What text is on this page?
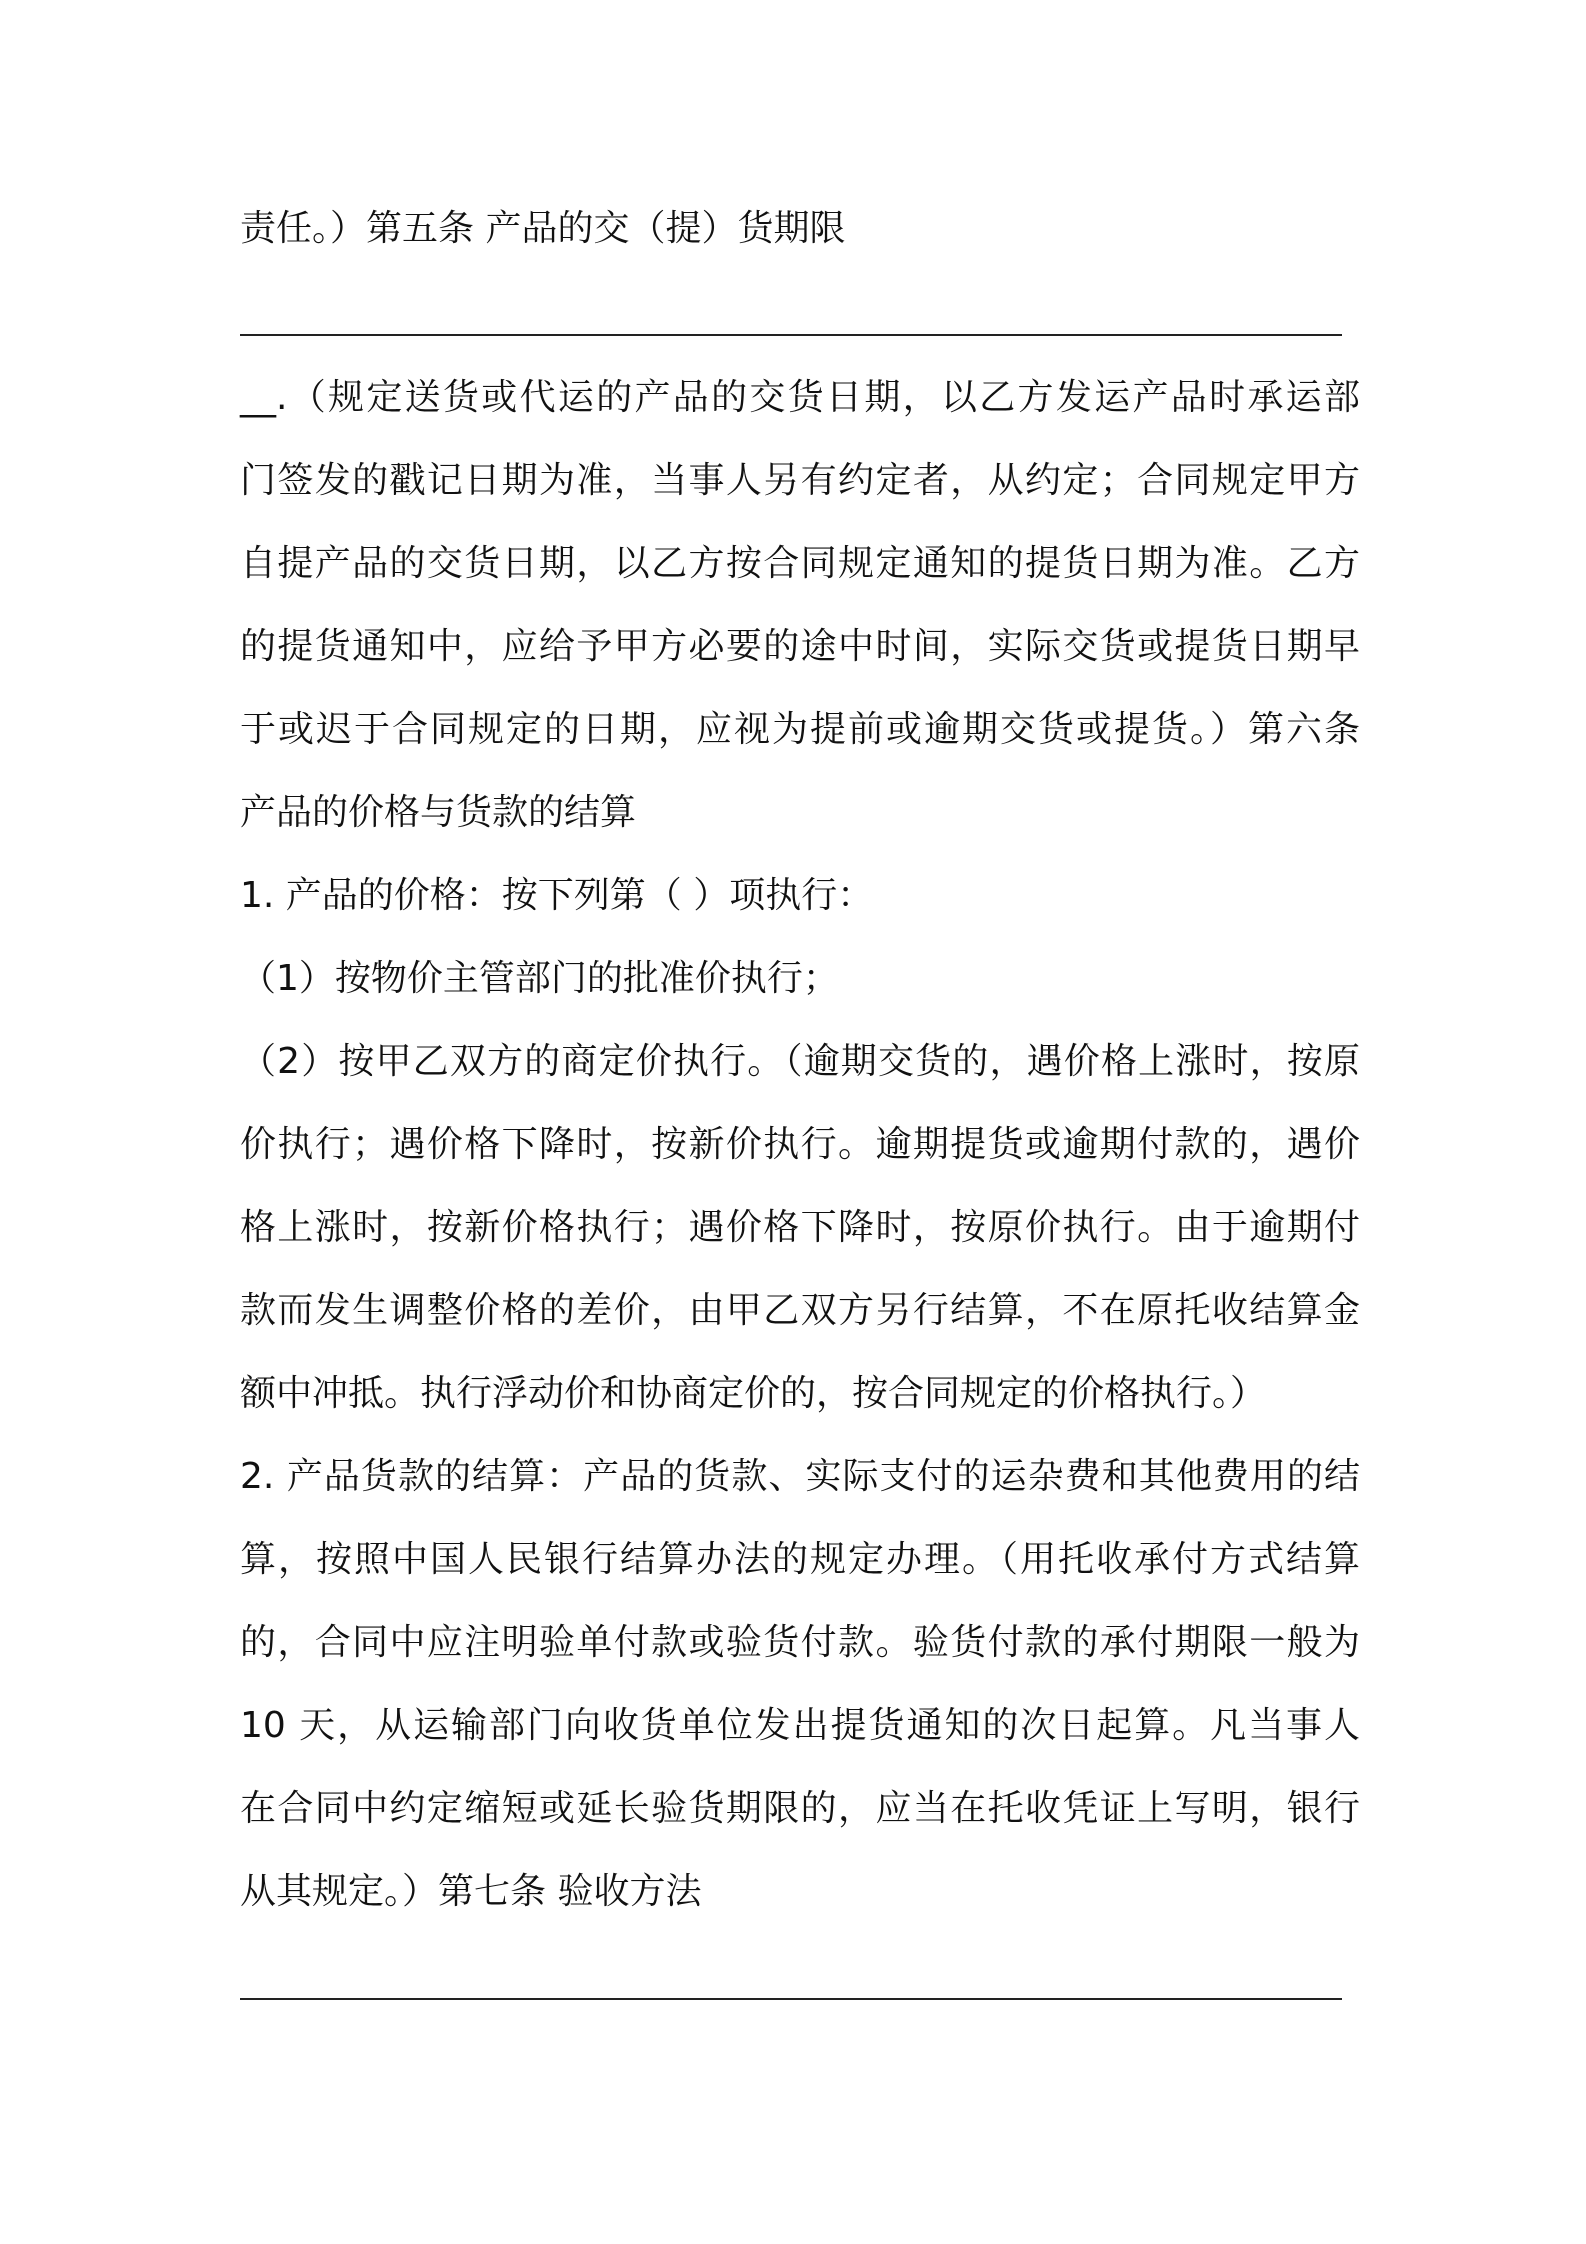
责任。）第五条 产品的交（提）货期限
__.（规定送货或代运的产品的交货日期，以乙方发运产品时承运部
门签发的戳记日期为准，当事人另有约定者，从约定；合同规定甲方
自提产品的交货日期，以乙方按合同规定通知的提货日期为准。乙方
的提货通知中，应给予甲方必要的途中时间，实际交货或提货日期早
于或迟于合同规定的日期，应视为提前或逾期交货或提货。）第六条
产品的价格与货款的结算
1. 产品的价格：按下列第（ ）项执行：
（1）按物价主管部门的批准价执行；
（2）按甲乙双方的商定价执行。（逾期交货的，遇价格上涨时，按原
价执行；遇价格下降时，按新价执行。逾期提货或逾期付款的，遇价
格上涨时，按新价格执行；遇价格下降时，按原价执行。由于逾期付
款而发生调整价格的差价，由甲乙双方另行结算，不在原托收结算金
额中冲抵。执行浮动价和协商定价的，按合同规定的价格执行。）
2. 产品货款的结算：产品的货款、实际支付的运杂费和其他费用的结
算，按照中国人民银行结算办法的规定办理。（用托收承付方式结算
的，合同中应注明验单付款或验货付款。验货付款的承付期限一般为
10 天，从运输部门向收货单位发出提货通知的次日起算。凡当事人
在合同中约定缩短或延长验货期限的，应当在托收凭证上写明，银行
从其规定。）第七条 验收方法
